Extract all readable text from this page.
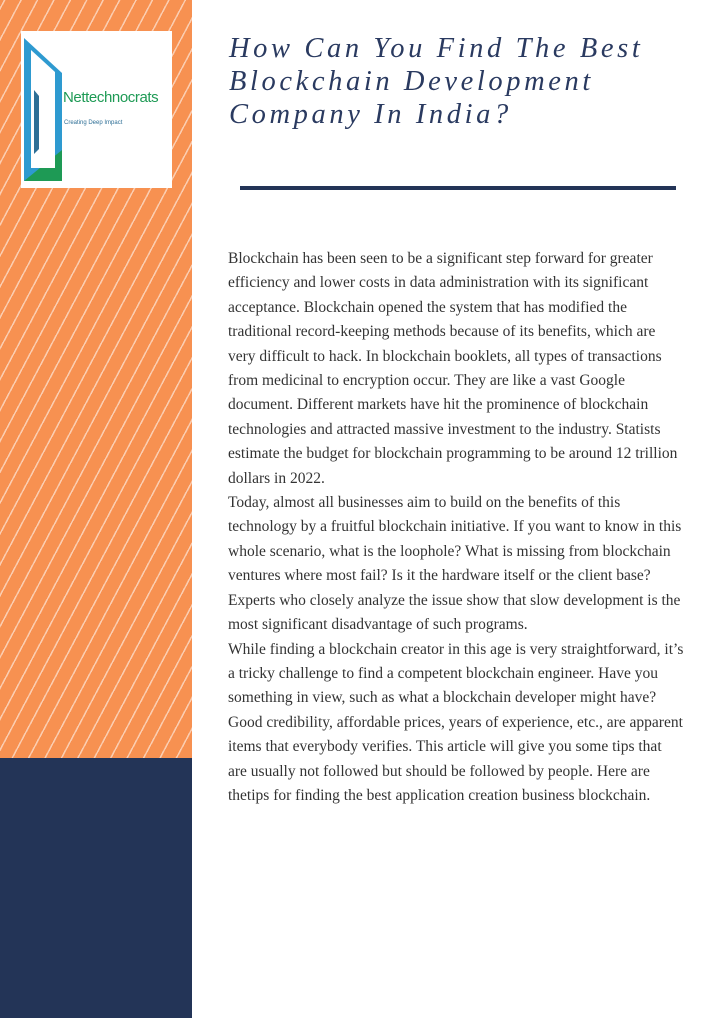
Nettechnocrats
Creating Deep Impact
How Can You Find The Best Blockchain Development Company In India?

Blockchain has been seen to be a significant step forward for greater efficiency and lower costs in data administration with its significant acceptance. Blockchain opened the system that has modified the traditional record-keeping methods because of its benefits, which are very difficult to hack. In blockchain booklets, all types of transactions from medicinal to encryption occur. They are like a vast Google document. Different markets have hit the prominence of blockchain technologies and attracted massive investment to the industry. Statists estimate the budget for blockchain programming to be around 12 trillion dollars in 2022.

Today, almost all businesses aim to build on the benefits of this technology by a fruitful blockchain initiative. If you want to know in this whole scenario, what is the loophole? What is missing from blockchain ventures where most fail? Is it the hardware itself or the client base? Experts who closely analyze the issue show that slow development is the most significant disadvantage of such programs.

While finding a blockchain creator in this age is very straightforward, it’s a tricky challenge to find a competent blockchain engineer. Have you something in view, such as what a blockchain developer might have? Good credibility, affordable prices, years of experience, etc., are apparent items that everybody verifies. This article will give you some tips that are usually not followed but should be followed by people. Here are thetips for finding the best application creation business blockchain.
